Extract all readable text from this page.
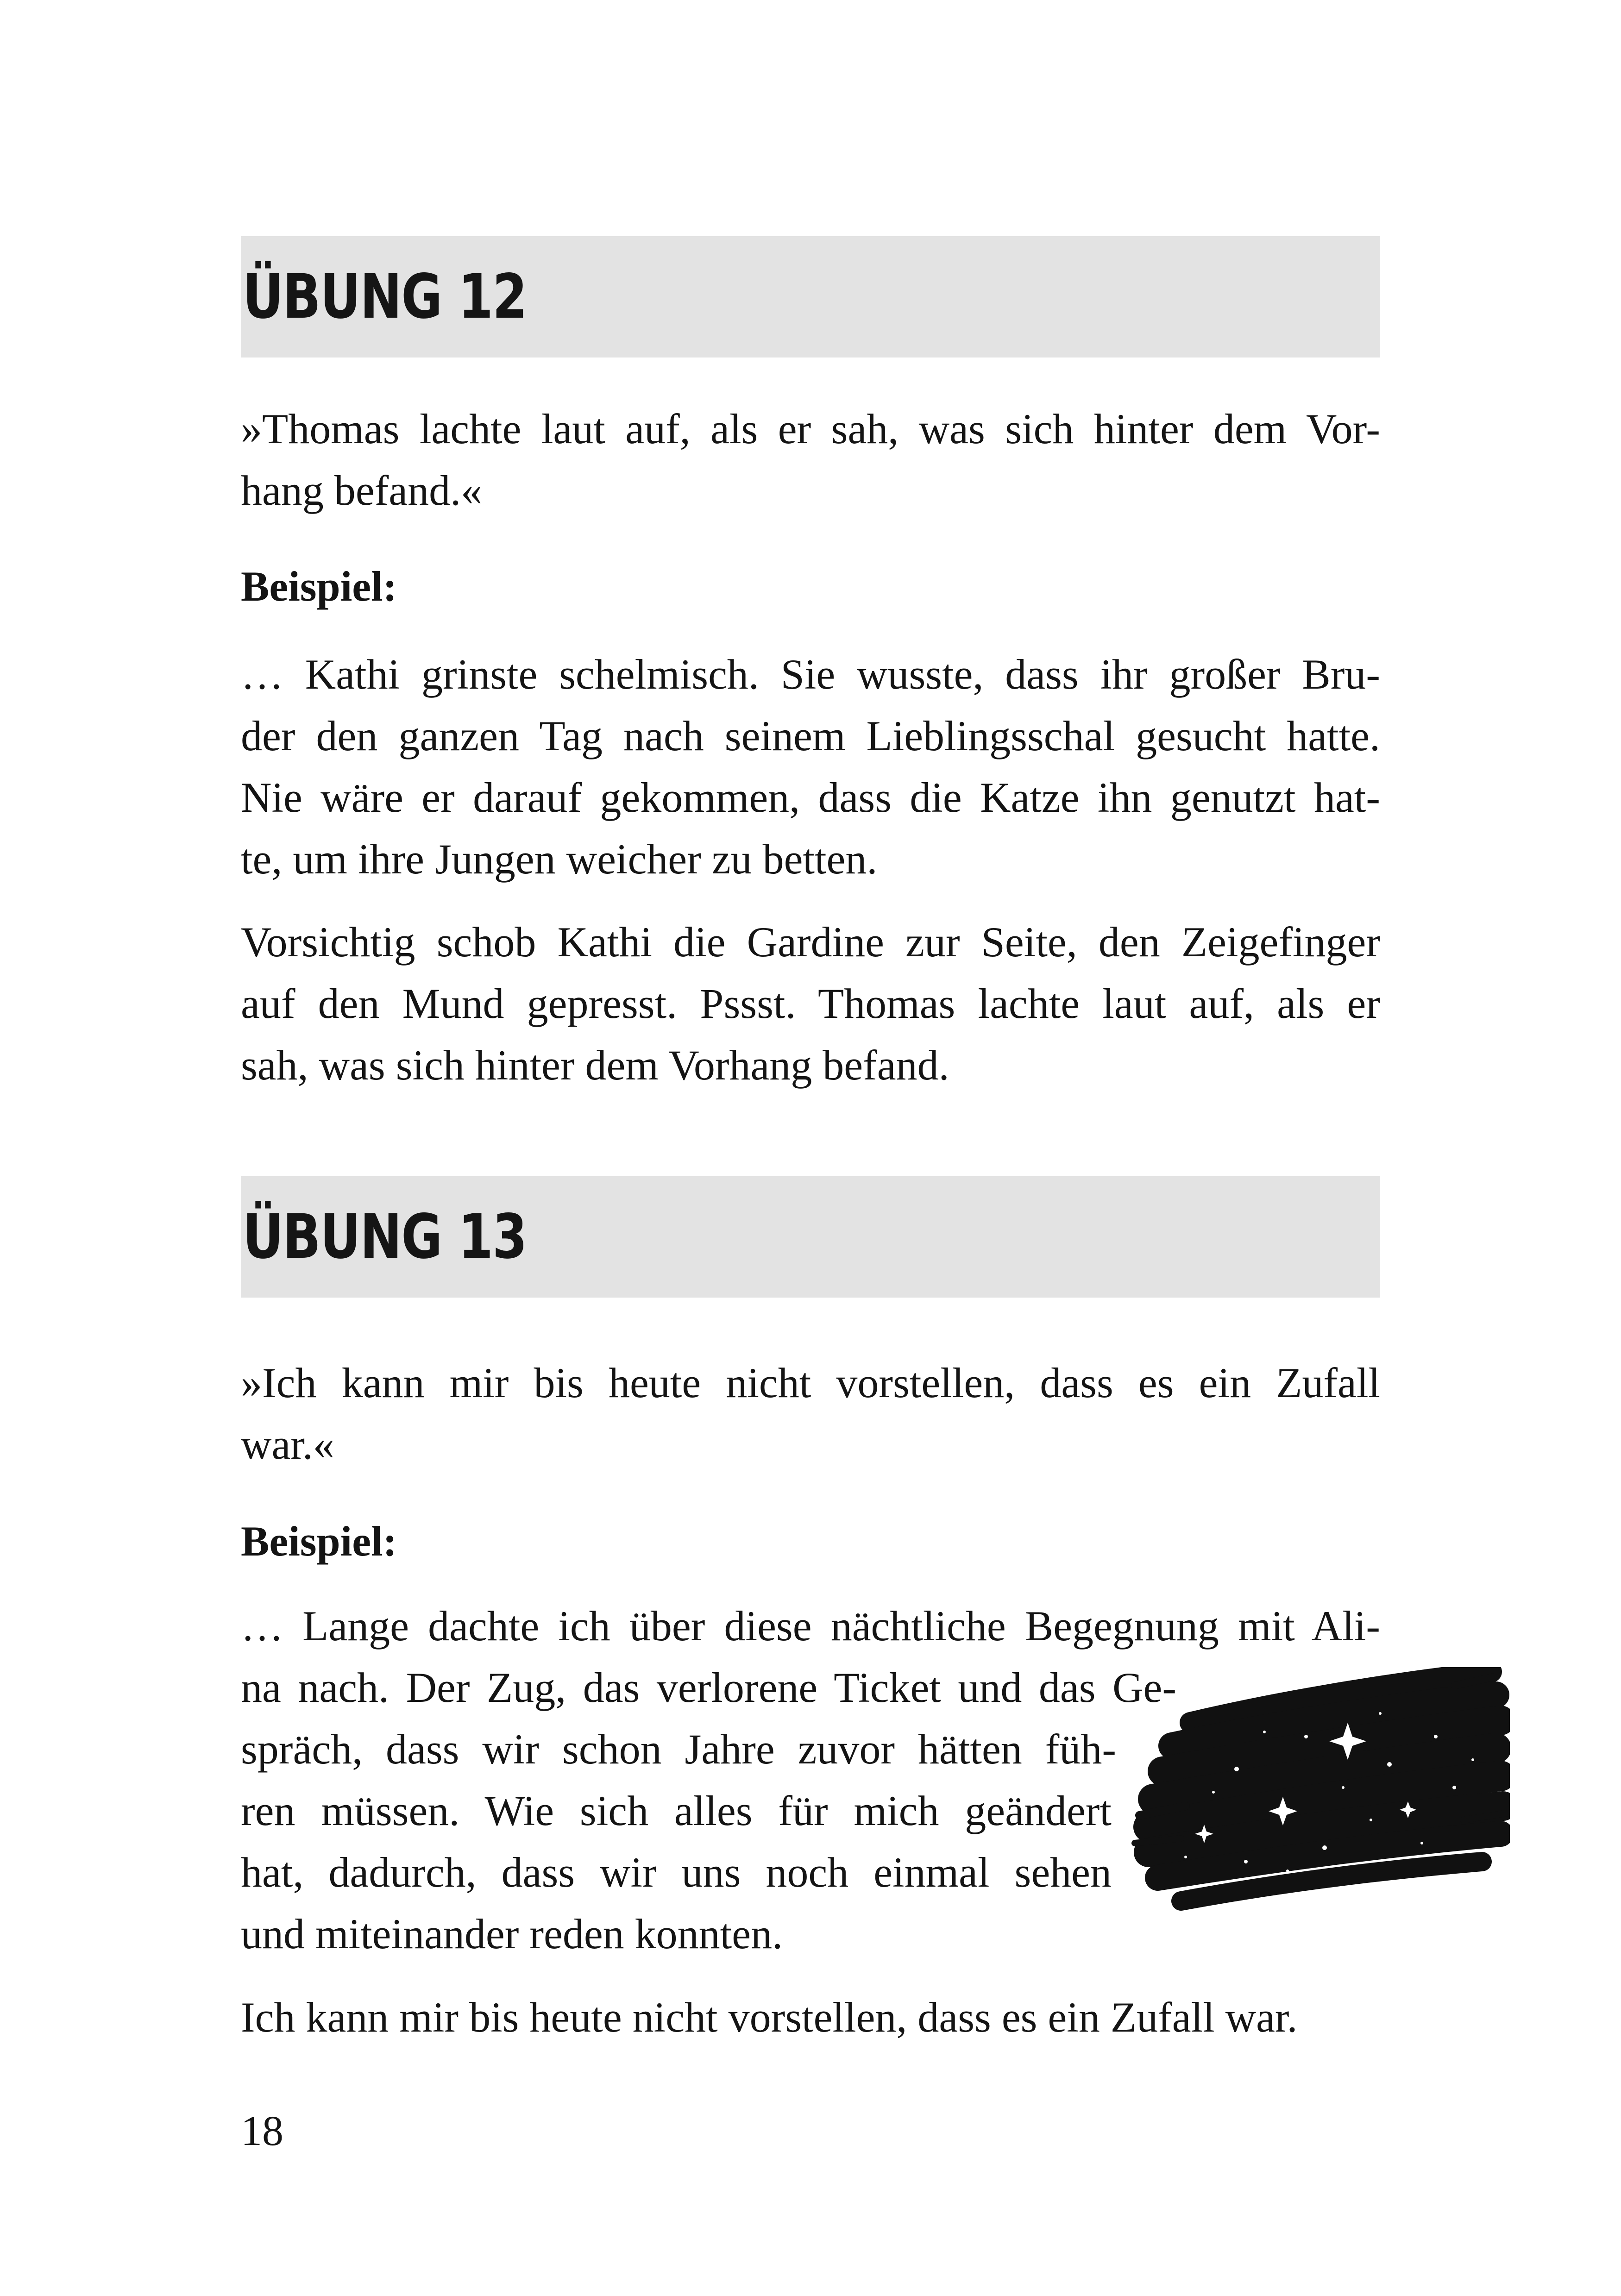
ÜBUNG 12

»Thomas lachte laut auf, als er sah, was sich hinter dem Vor-

hang befand.«

Beispiel:

… Kathi grinste schelmisch. Sie wusste, dass ihr großer Bru-

der den ganzen Tag nach seinem Lieblingsschal gesucht hatte.

Nie wäre er darauf gekommen, dass die Katze ihn genutzt hat-

te, um ihre Jungen weicher zu betten.

Vorsichtig schob Kathi die Gardine zur Seite, den Zeigefinger

auf den Mund gepresst. Pssst. Thomas lachte laut auf, als er

sah, was sich hinter dem Vorhang befand.

ÜBUNG 13

»Ich kann mir bis heute nicht vorstellen, dass es ein Zufall

war.«

Beispiel:

… Lange dachte ich über diese nächtliche Begegnung mit Ali-

na nach. Der Zug, das verlorene Ticket und das Ge-

spräch, dass wir schon Jahre zuvor hätten füh-

ren müssen. Wie sich alles für mich geändert

hat, dadurch, dass wir uns noch einmal sehen

und miteinander reden konnten.

Ich kann mir bis heute nicht vorstellen, dass es ein Zufall war.

18
